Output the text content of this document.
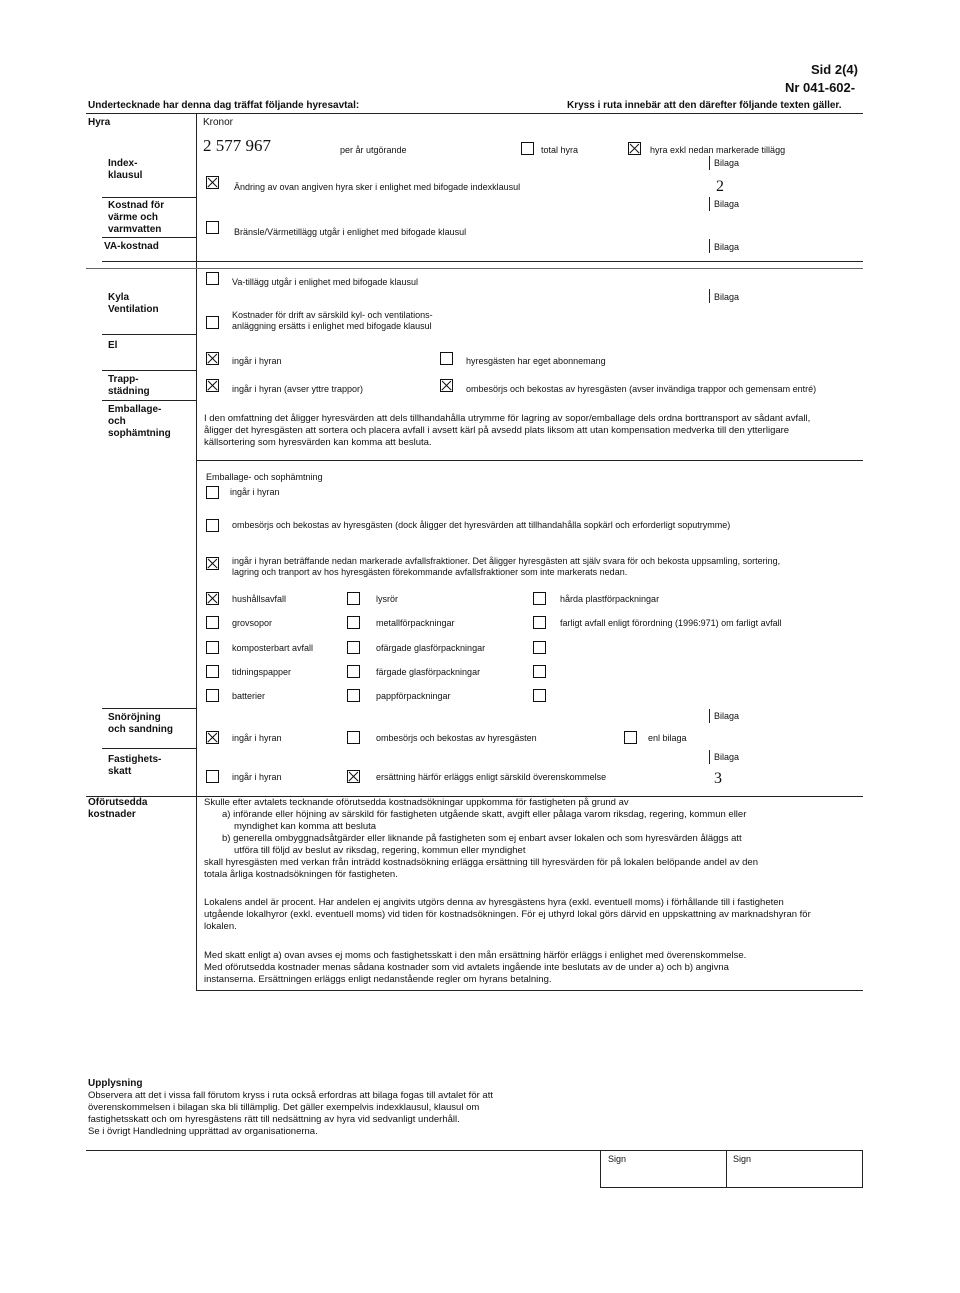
Sid 2(4)
Nr 041-602-
Undertecknade har denna dag träffat följande hyresavtal:	Kryss i ruta innebär att den därefter följande texten gäller.
Hyra	Kronor
2 577 967	per år utgörande	total hyra	hyra exkl nedan markerade tillägg
Index-
klausul
Bilaga
Ändring av ovan angiven hyra sker i enlighet med bifogade indexklausul	2
Kostnad för
värme och
varmvatten
Bilaga
Bränsle/Värmetillägg utgår i enlighet med bifogade klausul
VA-kostnad	Bilaga
Va-tillägg utgår i enlighet med bifogade klausul
Kyla
Ventilation
Bilaga
Kostnader för drift av särskild kyl- och ventilations-
anläggning ersätts i enlighet med bifogade klausul
El
ingår i hyran	hyresgästen har eget abonnemang
Trapp-
städning	ingår i hyran (avser yttre trappor)	ombesörjs och bekostas av hyresgästen (avser invändiga trappor och gemensam entré)
Emballage-
och
sophämtning
I den omfattning det åligger hyresvärden att dels tillhandahålla utrymme för lagring av sopor/emballage dels ordna borttransport av sådant avfall,
åligger det hyresgästen att sortera och placera avfall i avsett kärl på avsedd plats liksom att utan kompensation medverka till den ytterligare
källsortering som hyresvärden kan komma att besluta.
Emballage- och sophämtning
ingår i hyran
ombesörjs och bekostas av hyresgästen (dock åligger det hyresvärden att tillhandahålla sopkärl och erforderligt soputrymme)
ingår i hyran beträffande nedan markerade avfallsfraktioner. Det åligger hyresgästen att själv svara för och bekosta uppsamling, sortering,
lagring och tranport av hos hyresgästen förekommande avfallsfraktioner som inte markerats nedan.
hushållsavfall	lysrör	hårda plastförpackningar
grovsopor	metallförpackningar	farligt avfall enligt förordning (1996:971) om farligt avfall
komposterbart avfall	ofärgade glasförpackningar
tidningspapper	färgade glasförpackningar
batterier	pappförpackningar
Snöröjning
och sandning
Bilaga
ingår i hyran	ombesörjs och bekostas av hyresgästen	enl bilaga
Fastighets-
skatt
Bilaga
ingår i hyran	ersättning härför erläggs enligt särskild överenskommelse	3
Oförutsedda
kostnader
Skulle efter avtalets tecknande oförutsedda kostnadsökningar uppkomma för fastigheten på grund av
a) införande eller höjning av särskild för fastigheten utgående skatt, avgift eller pålaga varom riksdag, regering, kommun eller
myndighet kan komma att besluta
b) generella ombyggnadsåtgärder eller liknande på fastigheten som ej enbart avser lokalen och som hyresvärden åläggs att
utföra till följd av beslut av riksdag, regering, kommun eller myndighet
skall hyresgästen med verkan från inträdd kostnadsökning erlägga ersättning till hyresvärden för på lokalen belöpande andel av den
totala årliga kostnadsökningen för fastigheten.
Lokalens andel är procent. Har andelen ej angivits utgörs denna av hyresgästens hyra (exkl. eventuell moms) i förhållande till i fastigheten
utgående lokalhyror (exkl. eventuell moms) vid tiden för kostnadsökningen. För ej uthyrd lokal görs därvid en uppskattning av marknadshyran för
lokalen.
Med skatt enligt a) ovan avses ej moms och fastighetsskatt i den mån ersättning härför erläggs i enlighet med överenskommelse.
Med oförutsedda kostnader menas sådana kostnader som vid avtalets ingående inte beslutats av de under a) och b) angivna
instanserna. Ersättningen erläggs enligt nedanstående regler om hyrans betalning.
Upplysning
Observera att det i vissa fall förutom kryss i ruta också erfordras att bilaga fogas till avtalet för att
överenskommelsen i bilagan ska bli tillämplig. Det gäller exempelvis indexklausul, klausul om
fastighetsskatt och om hyresgästens rätt till nedsättning av hyra vid sedvanligt underhåll.
Se i övrigt Handledning upprättad av organisationerna.
Sign	Sign
